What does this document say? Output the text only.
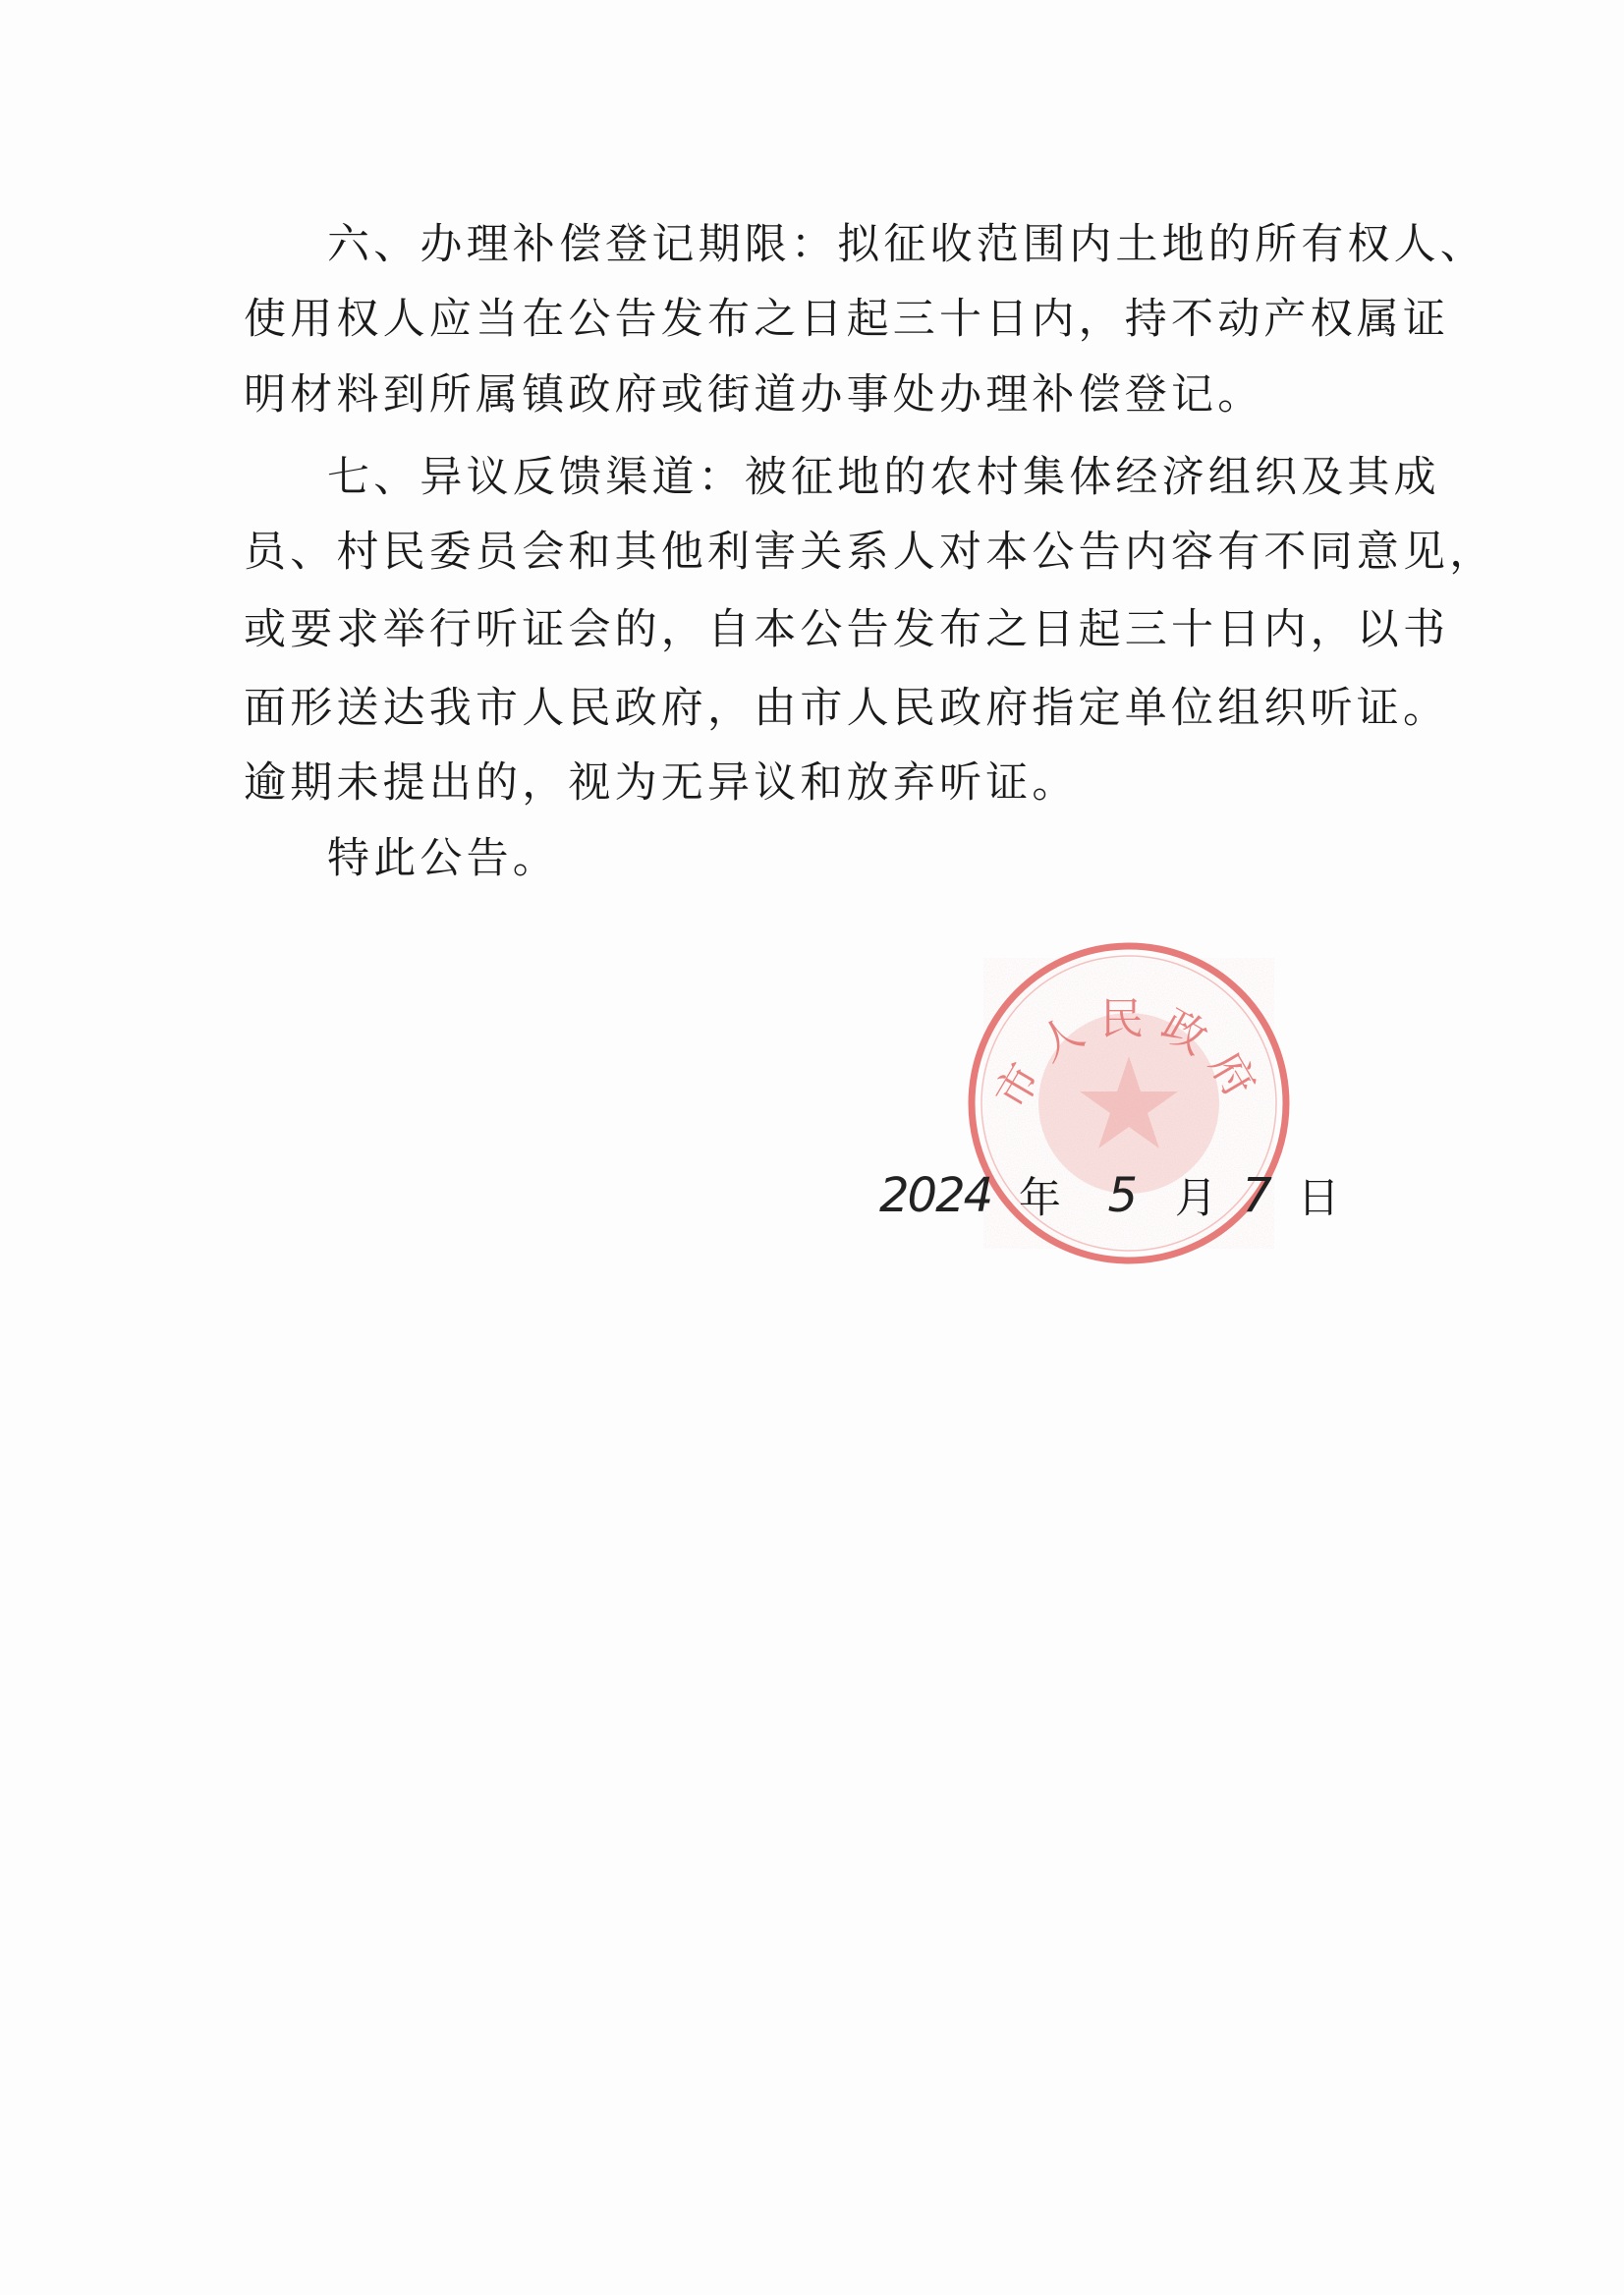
六、办理补偿登记期限：拟征收范围内土地的所有权人、
使用权人应当在公告发布之日起三十日内，持不动产权属证
明材料到所属镇政府或街道办事处办理补偿登记。
七、异议反馈渠道：被征地的农村集体经济组织及其成
员、村民委员会和其他利害关系人对本公告内容有不同意见，
或要求举行听证会的，自本公告发布之日起三十日内，以书
面形送达我市人民政府，由市人民政府指定单位组织听证。
逾期未提出的，视为无异议和放弃听证。
特此公告。
市人民政府
2024 年 5 月 7 日
